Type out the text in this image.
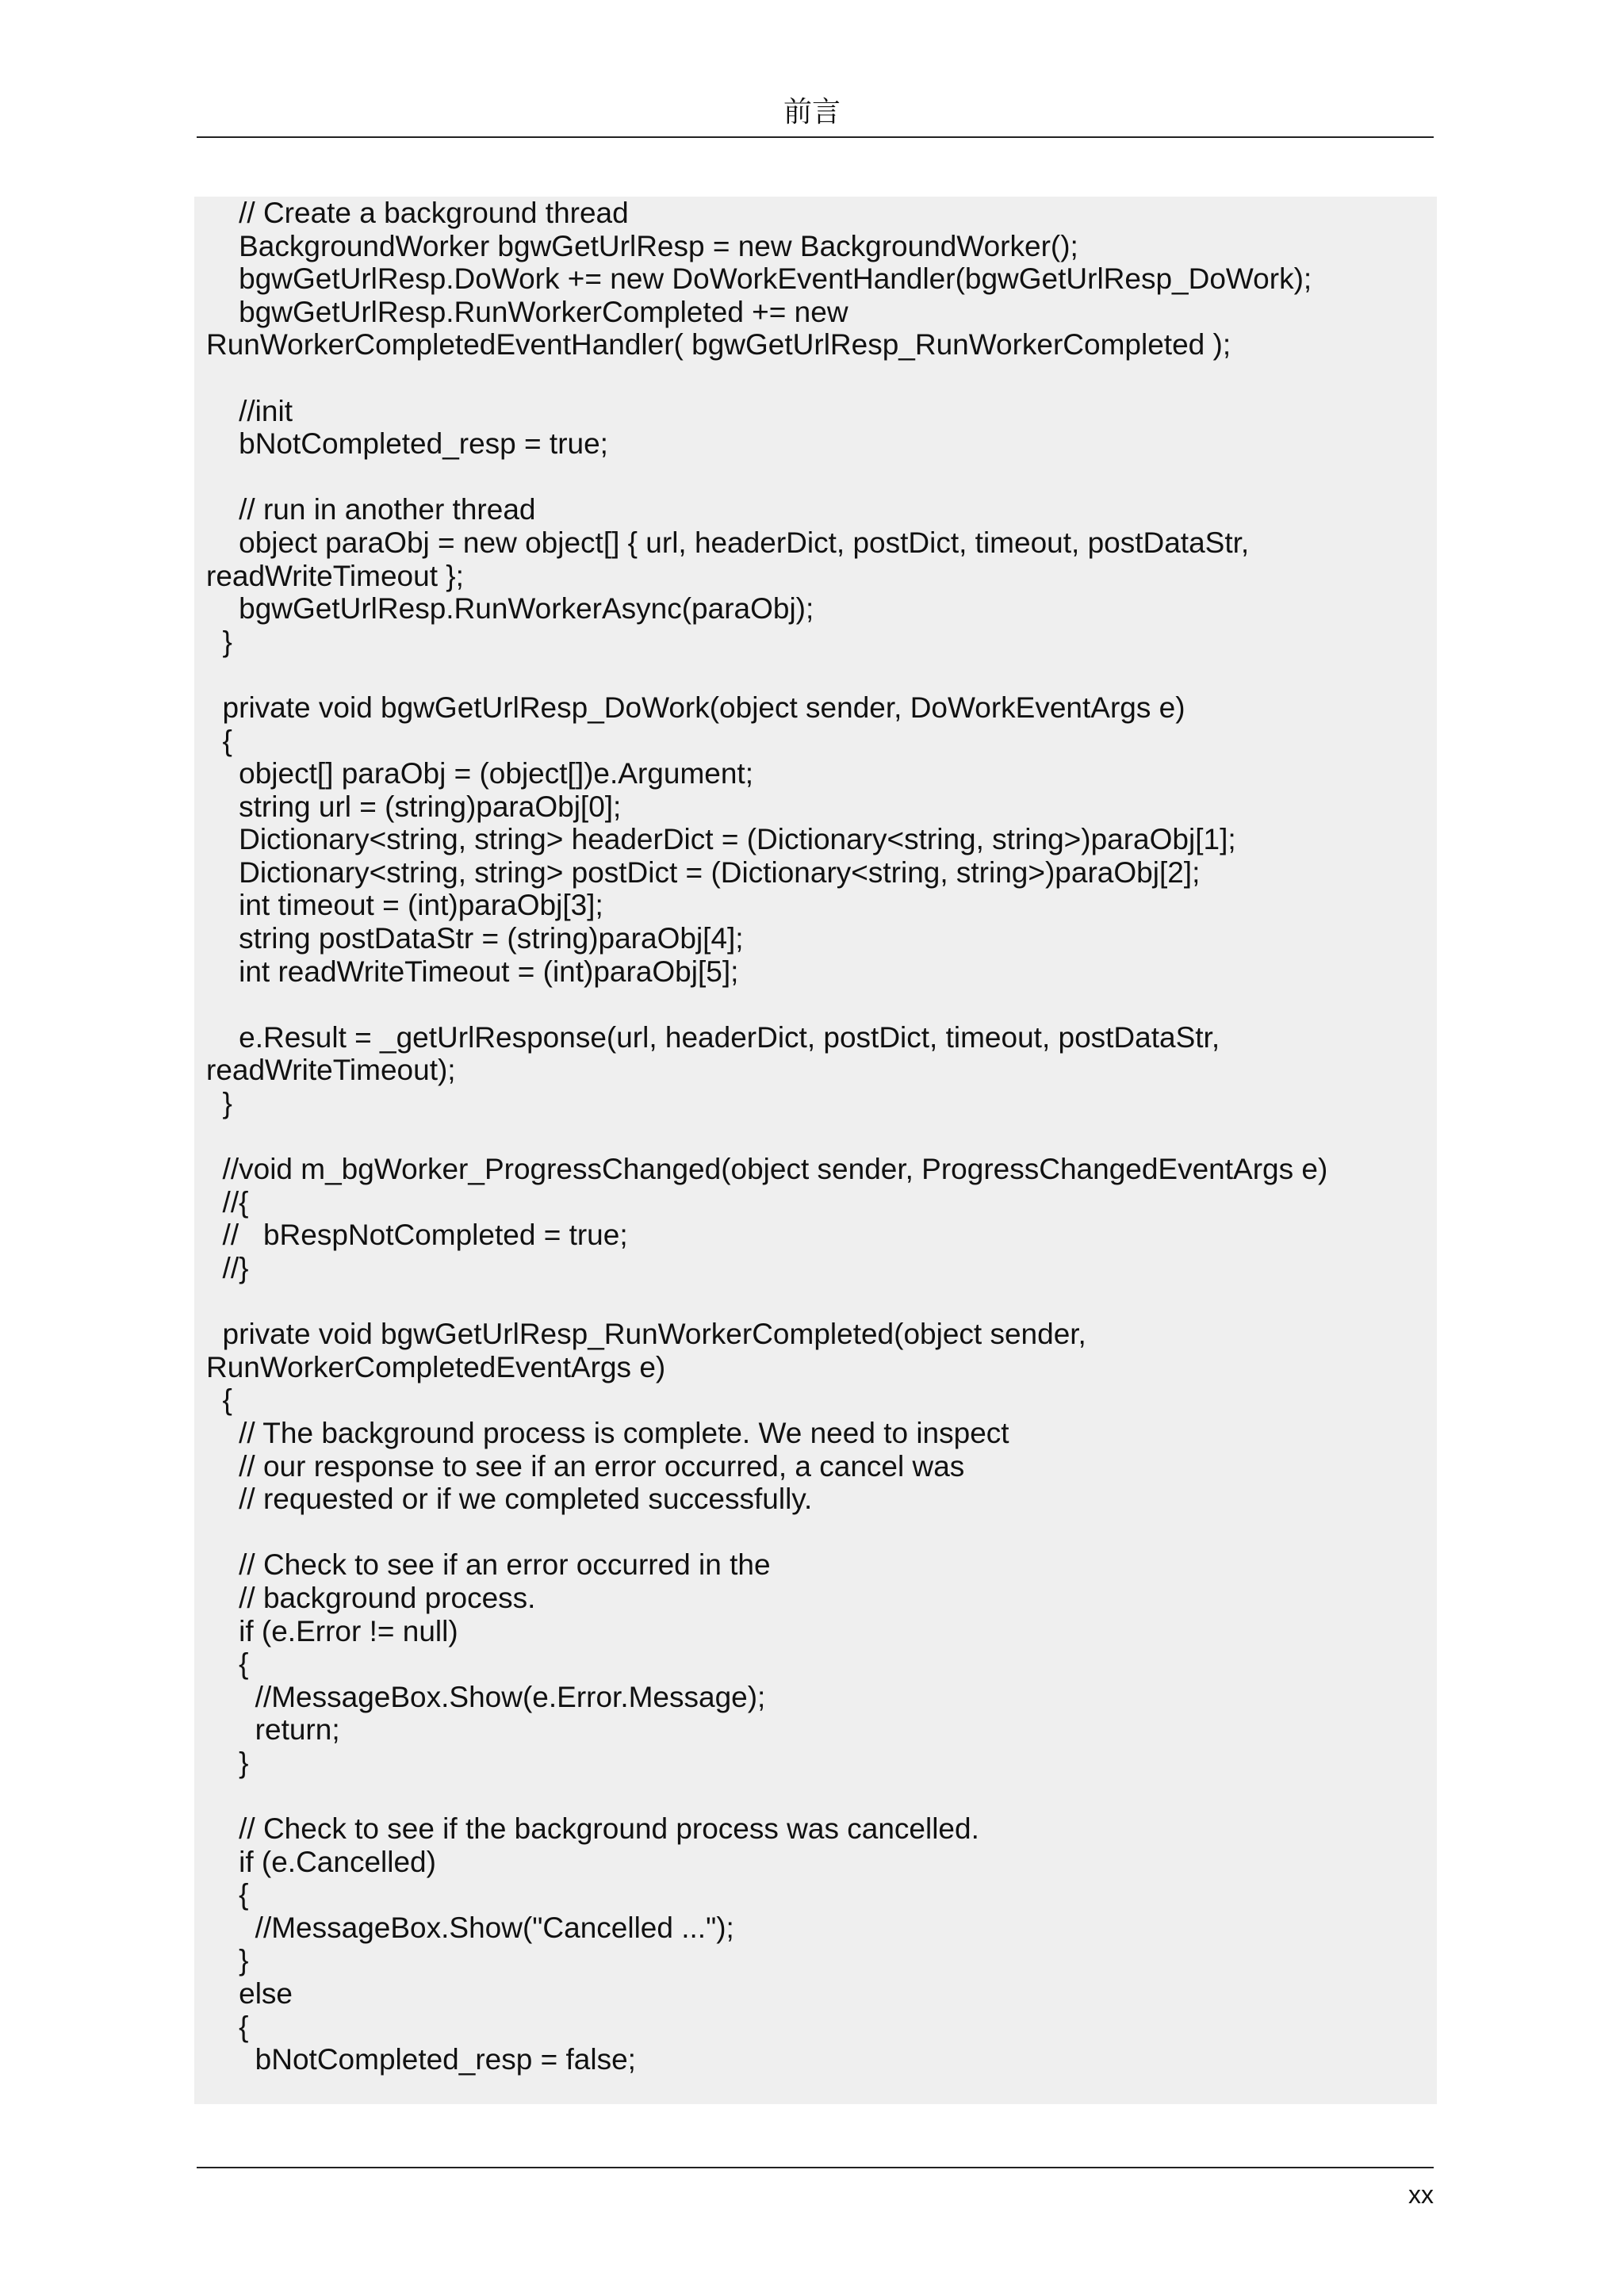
前言
// Create a background thread
BackgroundWorker bgwGetUrlResp = new BackgroundWorker();
bgwGetUrlResp.DoWork += new DoWorkEventHandler(bgwGetUrlResp_DoWork);
bgwGetUrlResp.RunWorkerCompleted += new
RunWorkerCompletedEventHandler( bgwGetUrlResp_RunWorkerCompleted );
//init
bNotCompleted_resp = true;
// run in another thread
object paraObj = new object[] { url, headerDict, postDict, timeout, postDataStr,
readWriteTimeout };
bgwGetUrlResp.RunWorkerAsync(paraObj);
}
private void bgwGetUrlResp_DoWork(object sender, DoWorkEventArgs e)
{
object[] paraObj = (object[])e.Argument;
string url = (string)paraObj[0];
Dictionary<string, string> headerDict = (Dictionary<string, string>)paraObj[1];
Dictionary<string, string> postDict = (Dictionary<string, string>)paraObj[2];
int timeout = (int)paraObj[3];
string postDataStr = (string)paraObj[4];
int readWriteTimeout = (int)paraObj[5];
e.Result = _getUrlResponse(url, headerDict, postDict, timeout, postDataStr,
readWriteTimeout);
}
//void m_bgWorker_ProgressChanged(object sender, ProgressChangedEventArgs e)
//{
//   bRespNotCompleted = true;
//}
private void bgwGetUrlResp_RunWorkerCompleted(object sender,
RunWorkerCompletedEventArgs e)
{
// The background process is complete. We need to inspect
// our response to see if an error occurred, a cancel was
// requested or if we completed successfully.
// Check to see if an error occurred in the
// background process.
if (e.Error != null)
{
//MessageBox.Show(e.Error.Message);
return;
}
// Check to see if the background process was cancelled.
if (e.Cancelled)
{
//MessageBox.Show("Cancelled ...");
}
else
{
bNotCompleted_resp = false;
xx
